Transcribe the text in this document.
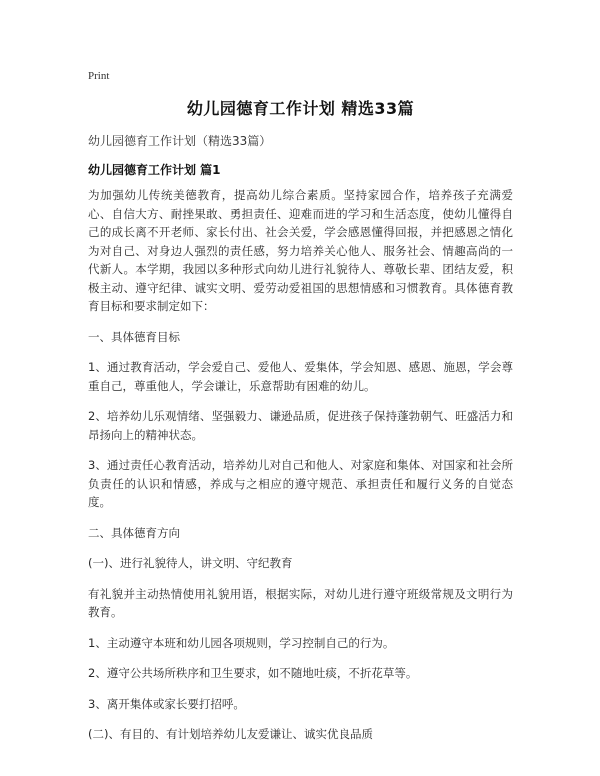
Print
幼儿园德育工作计划 精选33篇
幼儿园德育工作计划（精选33篇）
幼儿园德育工作计划 篇1

为加强幼儿传统美德教育，提高幼儿综合素质。坚持家园合作，培养孩子充满爱心、自信大方、耐挫果敢、勇担责任、迎难而进的学习和生活态度，使幼儿懂得自己的成长离不开老师、家长付出、社会关爱，学会感恩懂得回报，并把感恩之情化为对自己、对身边人强烈的责任感，努力培养关心他人、服务社会、情趣高尚的一代新人。本学期，我园以多种形式向幼儿进行礼貌待人、尊敬长辈、团结友爱，积极主动、遵守纪律、诚实文明、爱劳动爱祖国的思想情感和习惯教育。具体德育教育目标和要求制定如下：

一、具体德育目标

1、通过教育活动，学会爱自己、爱他人、爱集体，学会知恩、感恩、施恩，学会尊重自己，尊重他人，学会谦让，乐意帮助有困难的幼儿。

2、培养幼儿乐观情绪、坚强毅力、谦逊品质，促进孩子保持蓬勃朝气、旺盛活力和昂扬向上的精神状态。

3、通过责任心教育活动，培养幼儿对自己和他人、对家庭和集体、对国家和社会所负责任的认识和情感，养成与之相应的遵守规范、承担责任和履行义务的自觉态度。

二、具体德育方向

(一)、进行礼貌待人，讲文明、守纪教育

有礼貌并主动热情使用礼貌用语，根据实际，对幼儿进行遵守班级常规及文明行为教育。

1、主动遵守本班和幼儿园各项规则，学习控制自己的行为。

2、遵守公共场所秩序和卫生要求，如不随地吐痰，不折花草等。

3、离开集体或家长要打招呼。

(二)、有目的、有计划培养幼儿友爱谦让、诚实优良品质
